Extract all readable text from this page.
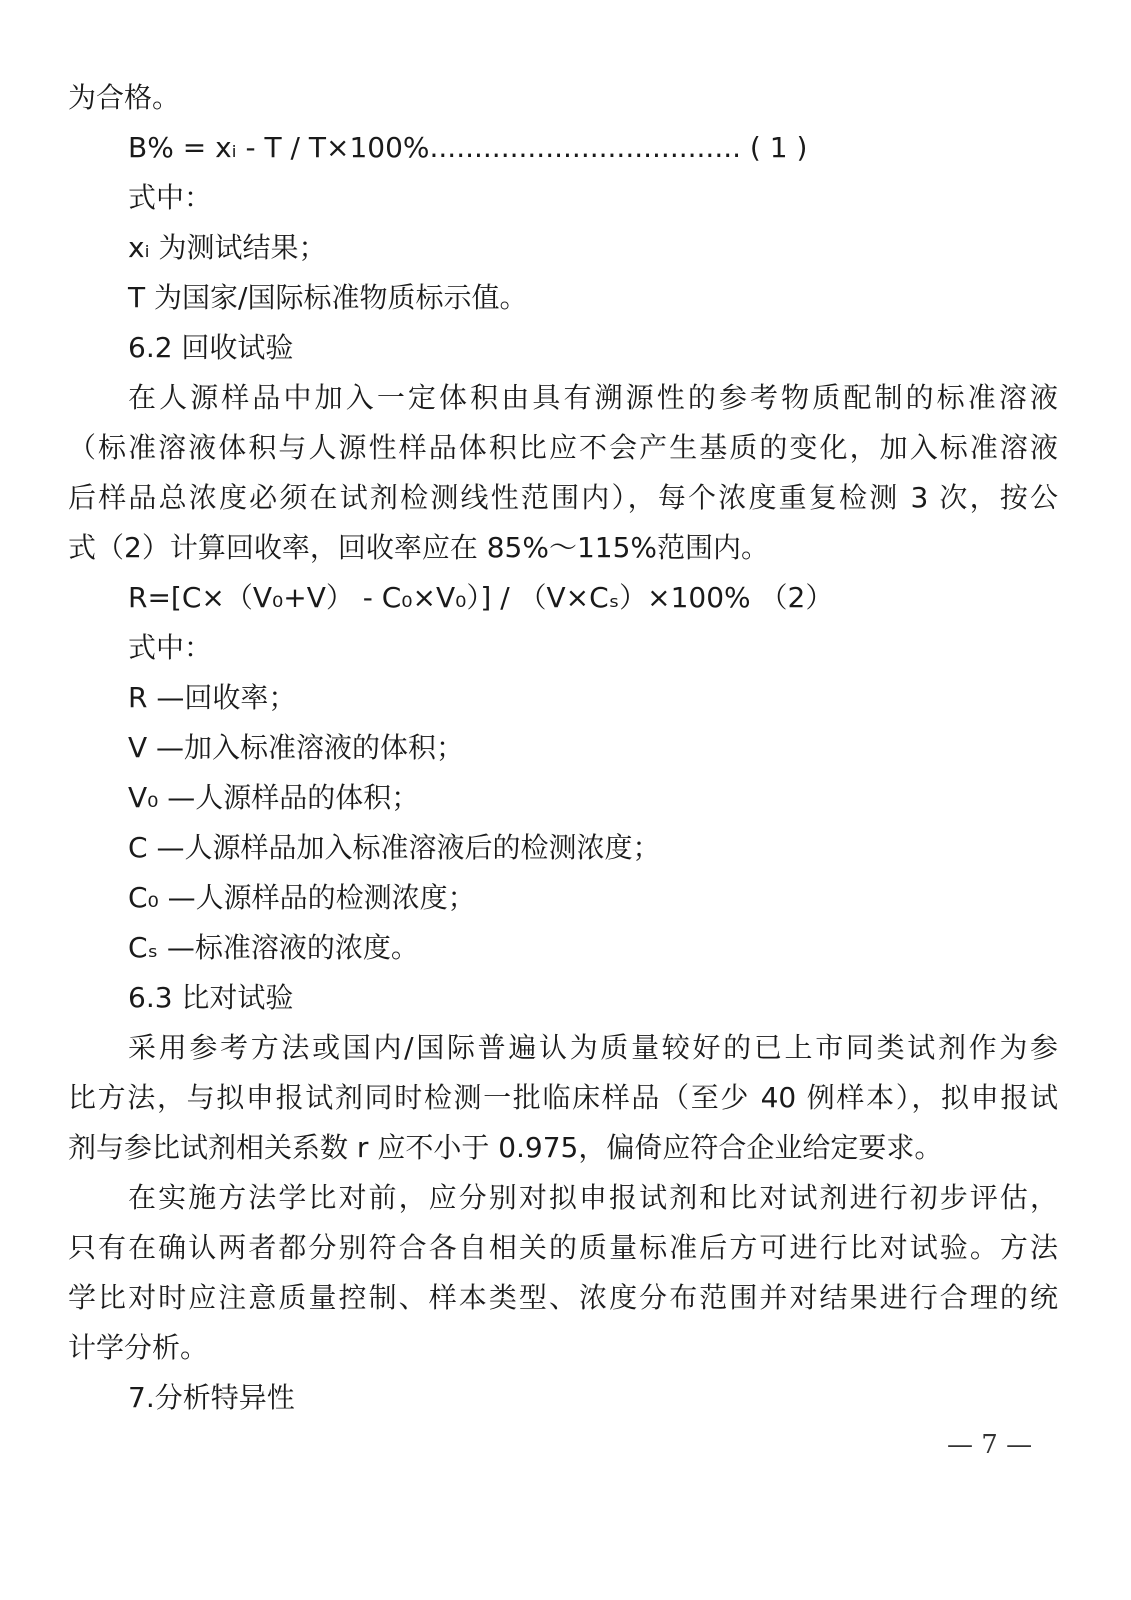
为合格。
B% = xᵢ - T / T×100%................................... ( 1 )
式中：
xᵢ 为测试结果；
T 为国家/国际标准物质标示值。
6.2 回收试验
在人源样品中加入一定体积由具有溯源性的参考物质配制的标准溶液
（标准溶液体积与人源性样品体积比应不会产生基质的变化，加入标准溶液
后样品总浓度必须在试剂检测线性范围内），每个浓度重复检测 3 次，按公
式（2）计算回收率，回收率应在 85%～115%范围内。
R=[C×（V₀+V） - C₀×V₀）] / （V×Cₛ）×100% （2）
式中：
R —回收率；
V —加入标准溶液的体积；
V₀ —人源样品的体积；
C —人源样品加入标准溶液后的检测浓度；
C₀ —人源样品的检测浓度；
Cₛ —标准溶液的浓度。
6.3 比对试验
采用参考方法或国内/国际普遍认为质量较好的已上市同类试剂作为参
比方法，与拟申报试剂同时检测一批临床样品（至少 40 例样本），拟申报试
剂与参比试剂相关系数 r 应不小于 0.975，偏倚应符合企业给定要求。
在实施方法学比对前，应分别对拟申报试剂和比对试剂进行初步评估，
只有在确认两者都分别符合各自相关的质量标准后方可进行比对试验。方法
学比对时应注意质量控制、样本类型、浓度分布范围并对结果进行合理的统
计学分析。
7.分析特异性
— 7 —
